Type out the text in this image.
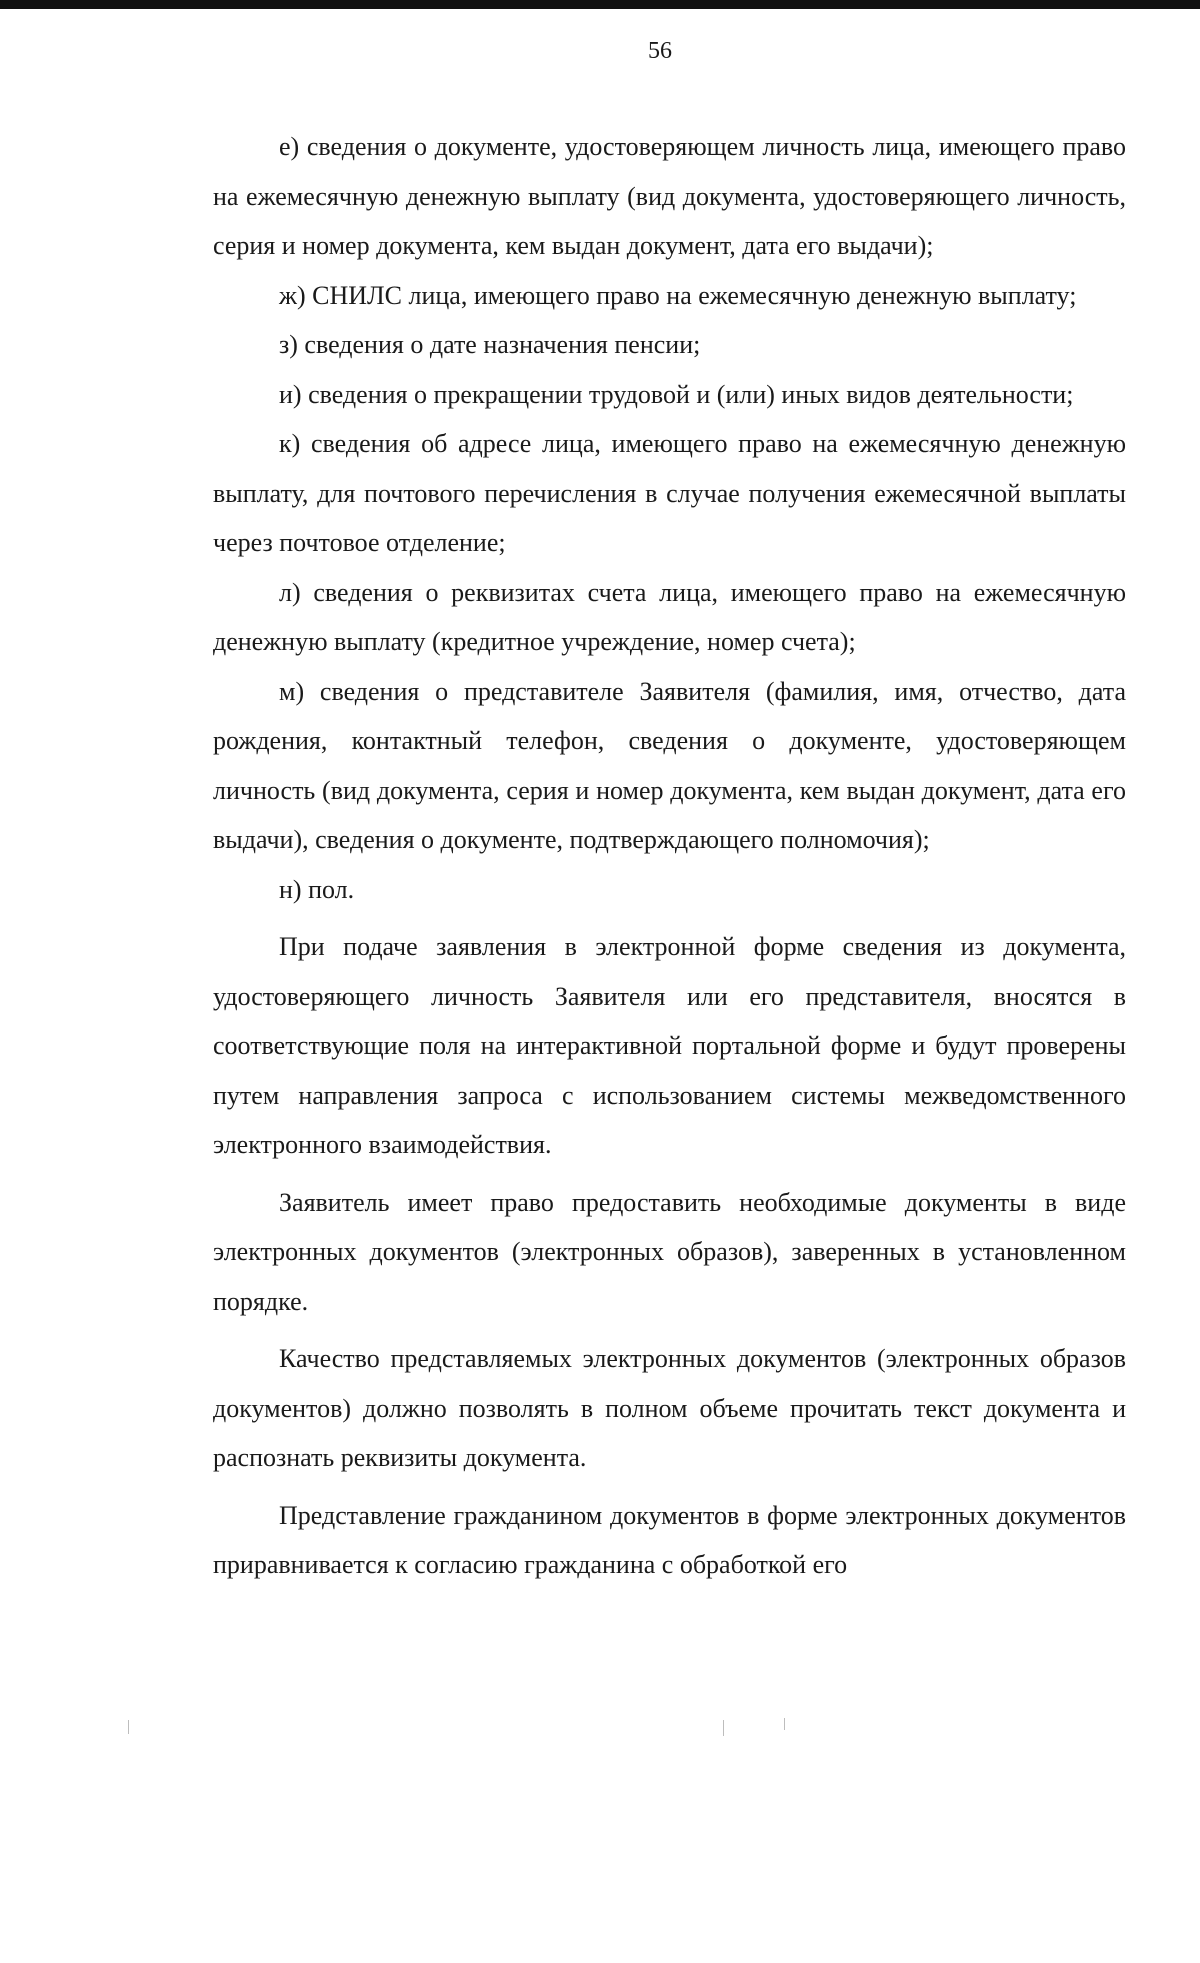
56

е) сведения о документе, удостоверяющем личность лица, имеющего право на ежемесячную денежную выплату (вид документа, удостоверяющего личность, серия и номер документа, кем выдан документ, дата его выдачи);

ж) СНИЛС лица, имеющего право на ежемесячную денежную выплату;

з) сведения о дате назначения пенсии;

и) сведения о прекращении трудовой и (или) иных видов деятельности;

к) сведения об адресе лица, имеющего право на ежемесячную денежную выплату, для почтового перечисления в случае получения ежемесячной выплаты через почтовое отделение;

л) сведения о реквизитах счета лица, имеющего право на ежемесячную денежную выплату (кредитное учреждение, номер счета);

м) сведения о представителе Заявителя (фамилия, имя, отчество, дата рождения, контактный телефон, сведения о документе, удостоверяющем личность (вид документа, серия и номер документа, кем выдан документ, дата его выдачи), сведения о документе, подтверждающего полномочия);

н) пол.

При подаче заявления в электронной форме сведения из документа, удостоверяющего личность Заявителя или его представителя, вносятся в соответствующие поля на интерактивной портальной форме и будут проверены путем направления запроса с использованием системы межведомственного электронного взаимодействия.

Заявитель имеет право предоставить необходимые документы в виде электронных документов (электронных образов), заверенных в установленном порядке.

Качество представляемых электронных документов (электронных образов документов) должно позволять в полном объеме прочитать текст документа и распознать реквизиты документа.

Представление гражданином документов в форме электронных документов приравнивается к согласию гражданина с обработкой его
